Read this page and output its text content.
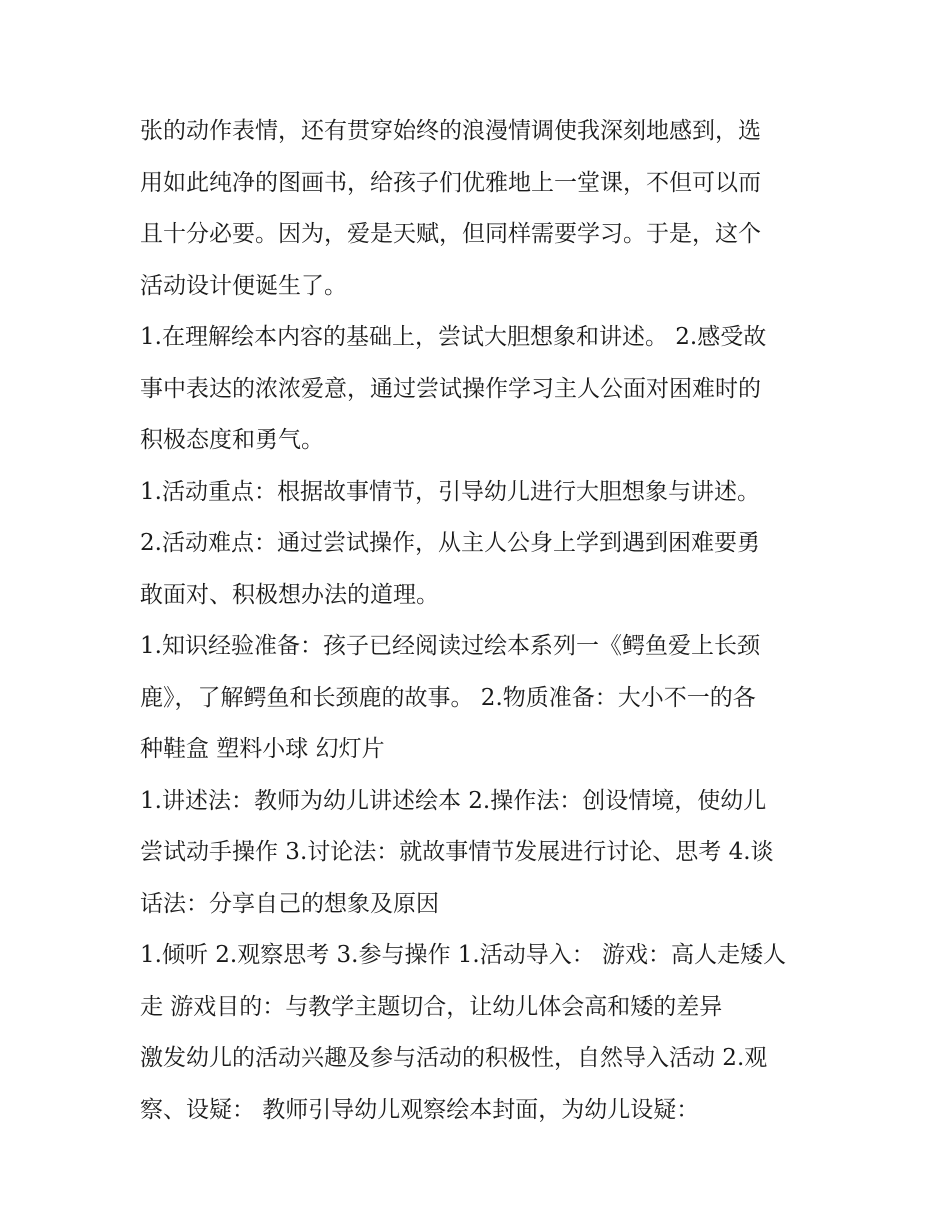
张的动作表情，还有贯穿始终的浪漫情调使我深刻地感到，选
用如此纯净的图画书，给孩子们优雅地上一堂课，不但可以而
且十分必要。因为，爱是天赋，但同样需要学习。于是，这个
活动设计便诞生了。
1.在理解绘本内容的基础上，尝试大胆想象和讲述。 2.感受故
事中表达的浓浓爱意，通过尝试操作学习主人公面对困难时的
积极态度和勇气。
1.活动重点：根据故事情节，引导幼儿进行大胆想象与讲述。
2.活动难点：通过尝试操作，从主人公身上学到遇到困难要勇
敢面对、积极想办法的道理。
1.知识经验准备：孩子已经阅读过绘本系列一《鳄鱼爱上长颈
鹿》，了解鳄鱼和长颈鹿的故事。 2.物质准备：大小不一的各
种鞋盒 塑料小球 幻灯片
1.讲述法：教师为幼儿讲述绘本 2.操作法：创设情境，使幼儿
尝试动手操作 3.讨论法：就故事情节发展进行讨论、思考 4.谈
话法：分享自己的想象及原因
1.倾听 2.观察思考 3.参与操作 1.活动导入： 游戏：高人走矮人
走 游戏目的：与教学主题切合，让幼儿体会高和矮的差异
激发幼儿的活动兴趣及参与活动的积极性，自然导入活动 2.观
察、设疑： 教师引导幼儿观察绘本封面，为幼儿设疑：
